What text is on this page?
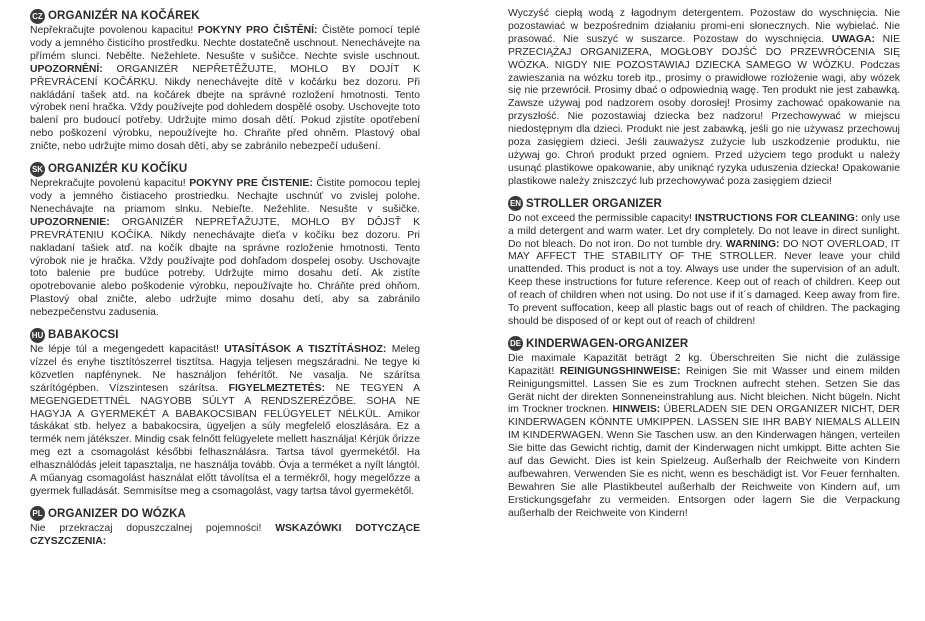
CZ ORGANIZÉR NA KOČÁREK

Nepřekračujte povolenou kapacitu! POKYNY PRO ČIŠTĚNÍ: Čistěte pomocí teplé vody a jemného čisticího prostředku. Nechte dostatečně uschnout. Nenechávejte na přímém slunci. Nebělte. Nežehlete. Nesušte v sušičce. Nechte svisle uschnout. UPOZORNĚNÍ: ORGANIZÉR NEPŘETĚŽUJTE, MOHLO BY DOJÍT K PŘEVRÁCENÍ KOČÁRKU. Nikdy nenechávejte dítě v kočárku bez dozoru. Při nakládání tašek atd. na kočárek dbejte na správné rozložení hmotnosti. Tento výrobek není hračka. Vždy používejte pod dohledem dospělé osoby. Uschovejte toto balení pro budoucí potřeby. Udržujte mimo dosah dětí. Pokud zjistíte opotřebení nebo poškození výrobku, nepoužívejte ho. Chraňte před ohněm. Plastový obal zničte, nebo udržujte mimo dosah dětí, aby se zabránilo nebezpečí udušení.

SK ORGANIZÉR KU KOČÍKU

Neprekračujte povolenú kapacitu! POKYNY PRE ČISTENIE: Čistite pomocou teplej vody a jemného čistiaceho prostriedku. Nechajte uschnúť vo zvislej polohe. Nenechávajte na priamom slnku. Nebieľte. Nežehlite. Nesušte v sušičke. UPOZORNENIE: ORGANIZÉR NEPREŤAŽUJTE, MOHLO BY DÔJSŤ K PREVRÁTENIU KOČÍKA. Nikdy nenechávajte dieťa v kočíku bez dozoru. Pri nakladaní tašiek atď. na kočík dbajte na správne rozloženie hmotnosti. Tento výrobok nie je hračka. Vždy používajte pod dohľadom dospelej osoby. Uschovajte toto balenie pre budúce potreby. Udržujte mimo dosahu detí. Ak zistíte opotrebovanie alebo poškodenie výrobku, nepoužívajte ho. Chráňte pred ohňom. Plastový obal zničte, alebo udržujte mimo dosahu detí, aby sa zabránilo nebezpečenstvu zadusenia.

HU BABAKOCSI

Ne lépje túl a megengedett kapacitást! UTASÍTÁSOK A TISZTÍTÁSHOZ: Meleg vízzel és enyhe tisztítószerrel tisztítsa. Hagyja teljesen megszáradni. Ne tegye ki közvetlen napfénynek. Ne használjon fehérítőt. Ne vasalja. Ne szárítsa szárítógépben. Vízszintesen szárítsa. FIGYELMEZTETÉS: NE TEGYEN A MEGENGEDETTNÉL NAGYOBB SÚLYT A RENDSZERÉZŐBE. SOHA NE HAGYJA A GYERMEKÉT A BABAKOCSIBAN FELÜGYELET NÉLKÜL. Amikor táskákat stb. helyez a babakocsira, ügyeljen a súly megfelelő eloszlására. Ez a termék nem játékszer. Mindig csak felnőtt felügyelete mellett használja! Kérjük őrizze meg ezt a csomagolást későbbi felhasználásra. Tartsa távol gyermekétől. Ha elhasználódás jeleit tapasztalja, ne használja tovább. Óvja a terméket a nyílt lángtól. A műanyag csomagolást használat előtt távolítsa el a termékről, hogy megelőzze a gyermek fulladását. Semmisítse meg a csomagolást, vagy tartsa távol gyermekétől.

PL ORGANIZER DO WÓZKA

Nie przekraczaj dopuszczalnej pojemności! WSKAZÓWKI DOTYCZĄCE CZYSZCZENIA:

Wyczyść ciepłą wodą z łagodnym detergentem. Pozostaw do wyschnięcia. Nie pozostawiać w bezpośrednim działaniu promi-eni słonecznych. Nie wybielać. Nie prasować. Nie suszyć w suszarce. Pozostaw do wyschnięcia. UWAGA: NIE PRZECIĄŻAJ ORGANIZERA, MOGŁOBY DOJŚĆ DO PRZEWRÓCENIA SIĘ WÓZKA. NIGDY NIE POZOSTAWIAJ DZIECKA SAMEGO W WÓZKU. Podczas zawieszania na wózku toreb itp., prosimy o prawidłowe rozłożenie wagi, aby wózek się nie przewrócił. Prosimy dbać o odpowiednią wagę. Ten produkt nie jest zabawką. Zawsze używaj pod nadzorem osoby dorosłej! Prosimy zachować opakowanie na przyszłość. Nie pozostawiaj dziecka bez nadzoru! Przechowywać w miejscu niedostępnym dla dzieci. Produkt nie jest zabawką, jeśli go nie używasz przechowuj poza zasięgiem dzieci. Jeśli zauważysz zużycie lub uszkodzenie produktu, nie używaj go. Chroń produkt przed ogniem. Przed użyciem tego produkt u należy usunąć plastikowe opakowanie, aby uniknąć ryzyka uduszenia dziecka! Opakowanie plastikowe należy zniszczyć lub przechowywać poza zasięgiem dzieci!

EN STROLLER ORGANIZER

Do not exceed the permissible capacity! INSTRUCTIONS FOR CLEANING: only use a mild detergent and warm water. Let dry completely. Do not leave in direct sunlight. Do not bleach. Do not iron. Do not tumble dry. WARNING: DO NOT OVERLOAD, IT MAY AFFECT THE STABILITY OF THE STROLLER. Never leave your child unattended. This product is not a toy. Always use under the supervision of an adult. Keep these instructions for future reference. Keep out of reach of children. Keep out of reach of children when not using. Do not use if it´s damaged. Keep away from fire. To prevent suffocation, keep all plastic bags out of reach of children. The packaging should be disposed of or kept out of reach of children!

DE KINDERWAGEN-ORGANIZER

Die maximale Kapazität beträgt 2 kg. Überschreiten Sie nicht die zulässige Kapazität! REINIGUNGSHINWEISE: Reinigen Sie mit Wasser und einem milden Reinigungsmittel. Lassen Sie es zum Trocknen aufrecht stehen. Setzen Sie das Gerät nicht der direkten Sonneneinstrahlung aus. Nicht bleichen. Nicht bügeln. Nicht im Trockner trocknen. HINWEIS: ÜBERLADEN SIE DEN ORGANIZER NICHT, DER KINDERWAGEN KÖNNTE UMKIPPEN. LASSEN SIE IHR BABY NIEMALS ALLEIN IM KINDERWAGEN. Wenn Sie Taschen usw. an den Kinderwagen hängen, verteilen Sie bitte das Gewicht richtig, damit der Kinderwagen nicht umkippt. Bitte achten Sie auf das Gewicht. Dies ist kein Spielzeug. Außerhalb der Reichweite von Kindern aufbewahren. Verwenden Sie es nicht, wenn es beschädigt ist. Vor Feuer fernhalten. Bewahren Sie alle Plastikbeutel außerhalb der Reichweite von Kindern auf, um Erstickungsgefahr zu vermeiden. Entsorgen oder lagern Sie die Verpackung außerhalb der Reichweite von Kindern!
